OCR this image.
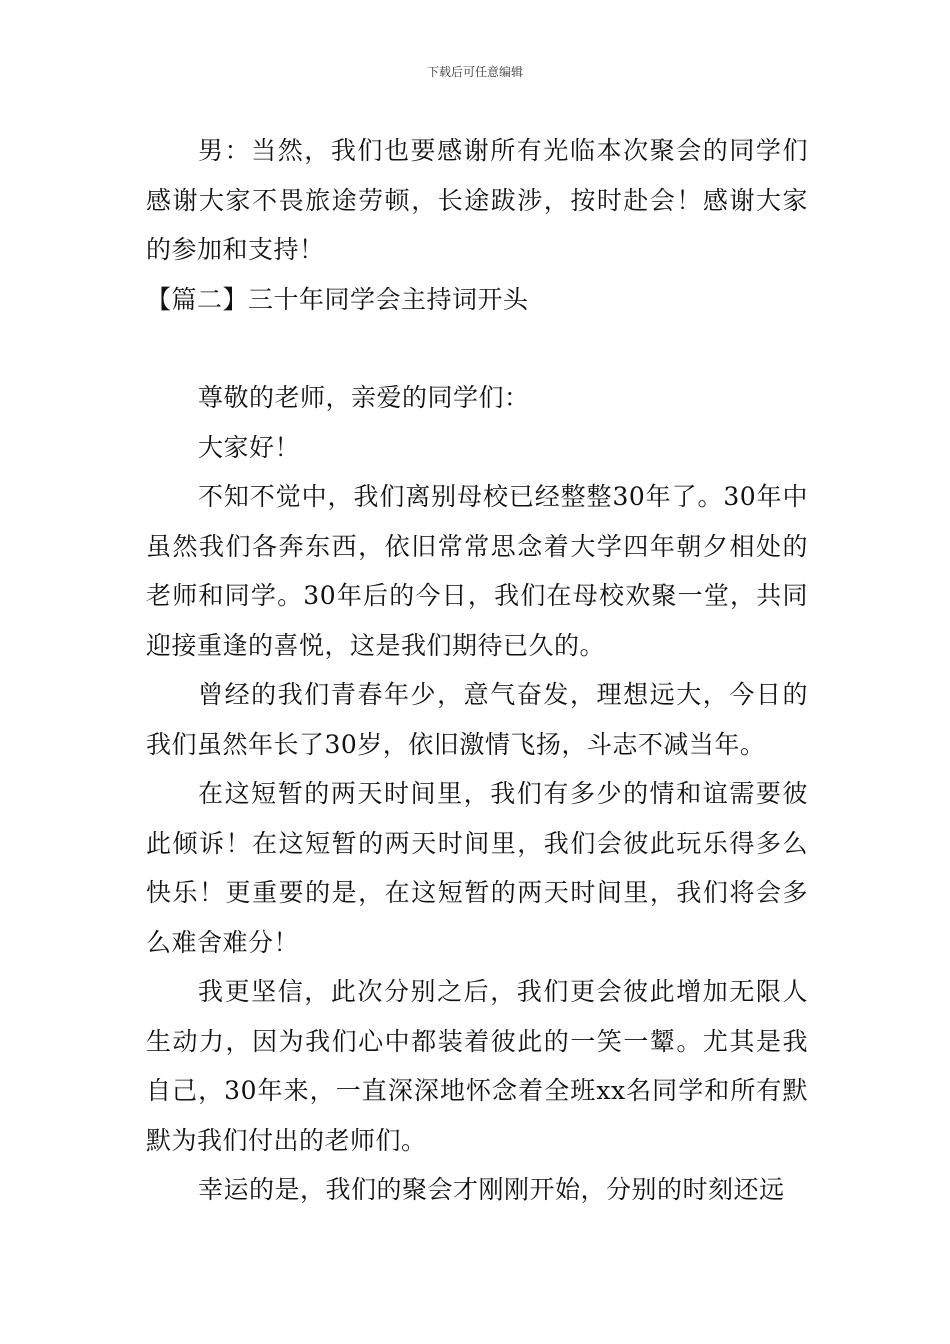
下载后可任意编辑

男：当然，我们也要感谢所有光临本次聚会的同学们感谢大家不畏旅途劳顿，长途跋涉，按时赴会！感谢大家的参加和支持！

【篇二】三十年同学会主持词开头

尊敬的老师，亲爱的同学们：

大家好！

不知不觉中，我们离别母校已经整整30年了。30年中虽然我们各奔东西，依旧常常思念着大学四年朝夕相处的老师和同学。30年后的今日，我们在母校欢聚一堂，共同迎接重逢的喜悦，这是我们期待已久的。

曾经的我们青春年少，意气奋发，理想远大，今日的我们虽然年长了30岁，依旧激情飞扬，斗志不减当年。

在这短暂的两天时间里，我们有多少的情和谊需要彼此倾诉！在这短暂的两天时间里，我们会彼此玩乐得多么快乐！更重要的是，在这短暂的两天时间里，我们将会多么难舍难分！

我更坚信，此次分别之后，我们更会彼此增加无限人生动力，因为我们心中都装着彼此的一笑一颦。尤其是我自己，30年来，一直深深地怀念着全班xx名同学和所有默默为我们付出的老师们。

幸运的是，我们的聚会才刚刚开始，分别的时刻还远
